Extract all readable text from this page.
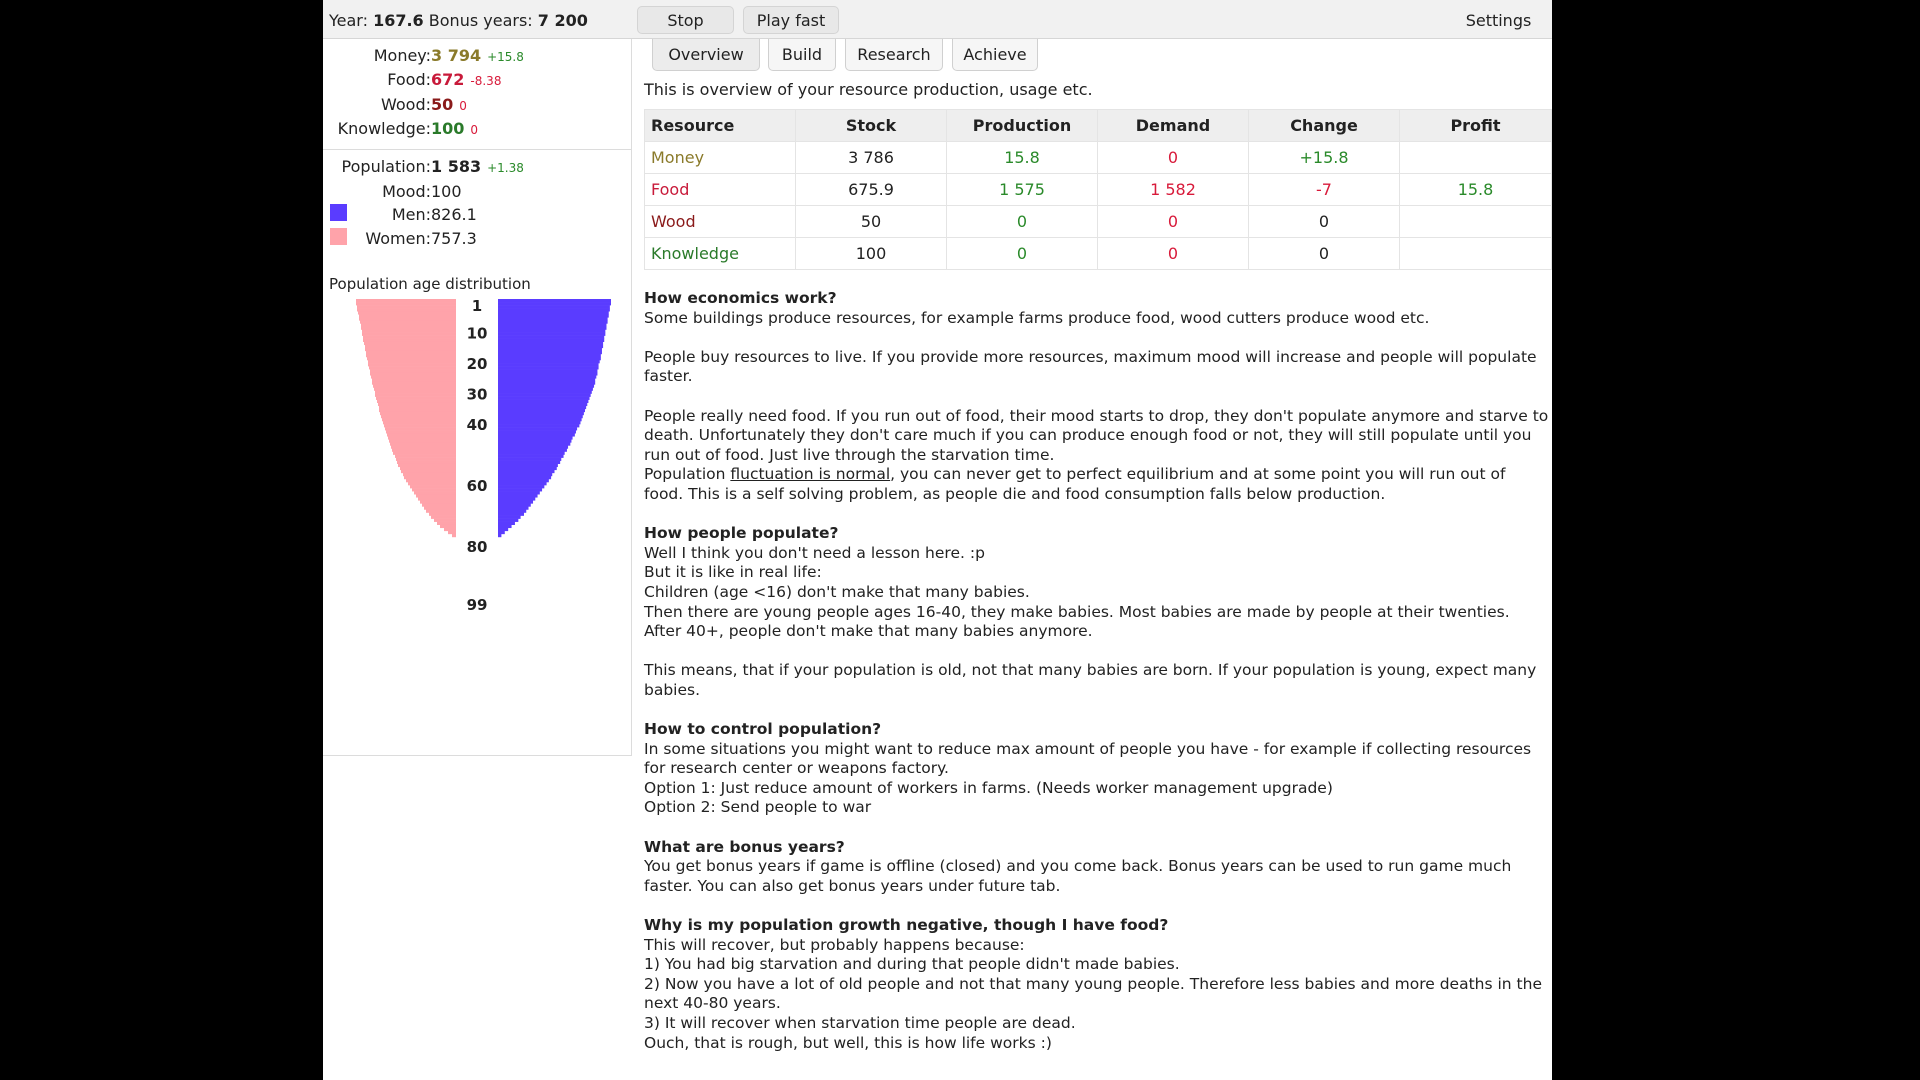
Year: 167.6 Bonus years: 7 200	Stop	Play fast	Settings
Money: 3 794 +15.8
Food: 672 -8.38
Wood: 50 0
Knowledge: 100 0
Population: 1 583 +1.38
Mood: 100
Men: 826.1
Women: 757.3
Population age distribution
1
10
20
30
40
60
80
99
Overview	Build	Research	Achieve
This is overview of your resource production, usage etc.
Resource	Stock	Production	Demand	Change	Profit
Money	3 786	15.8	0	+15.8	
Food	675.9	1 575	1 582	-7	15.8
Wood	50	0	0	0	
Knowledge	100	0	0	0	

How economics work?

Some buildings produce resources, for example farms produce food, wood cutters produce wood etc.

People buy resources to live. If you provide more resources, maximum mood will increase and people will populate faster.

People really need food. If you run out of food, their mood starts to drop, they don't populate anymore and starve to death. Unfortunately they don't care much if you can produce enough food or not, they will still populate until you run out of food. Just live through the starvation time.

Population fluctuation is normal, you can never get to perfect equilibrium and at some point you will run out of food. This is a self solving problem, as people die and food consumption falls below production.

How people populate?

Well I think you don't need a lesson here. :p

But it is like in real life:

Children (age <16) don't make that many babies.

Then there are young people ages 16-40, they make babies. Most babies are made by people at their twenties.

After 40+, people don't make that many babies anymore.

This means, that if your population is old, not that many babies are born. If your population is young, expect many babies.

How to control population?

In some situations you might want to reduce max amount of people you have - for example if collecting resources for research center or weapons factory.

Option 1: Just reduce amount of workers in farms. (Needs worker management upgrade)

Option 2: Send people to war

What are bonus years?

You get bonus years if game is offline (closed) and you come back. Bonus years can be used to run game much faster. You can also get bonus years under future tab.

Why is my population growth negative, though I have food?

This will recover, but probably happens because:

1) You had big starvation and during that people didn't made babies.

2) Now you have a lot of old people and not that many young people. Therefore less babies and more deaths in the next 40-80 years.

3) It will recover when starvation time people are dead.

Ouch, that is rough, but well, this is how life works :)
